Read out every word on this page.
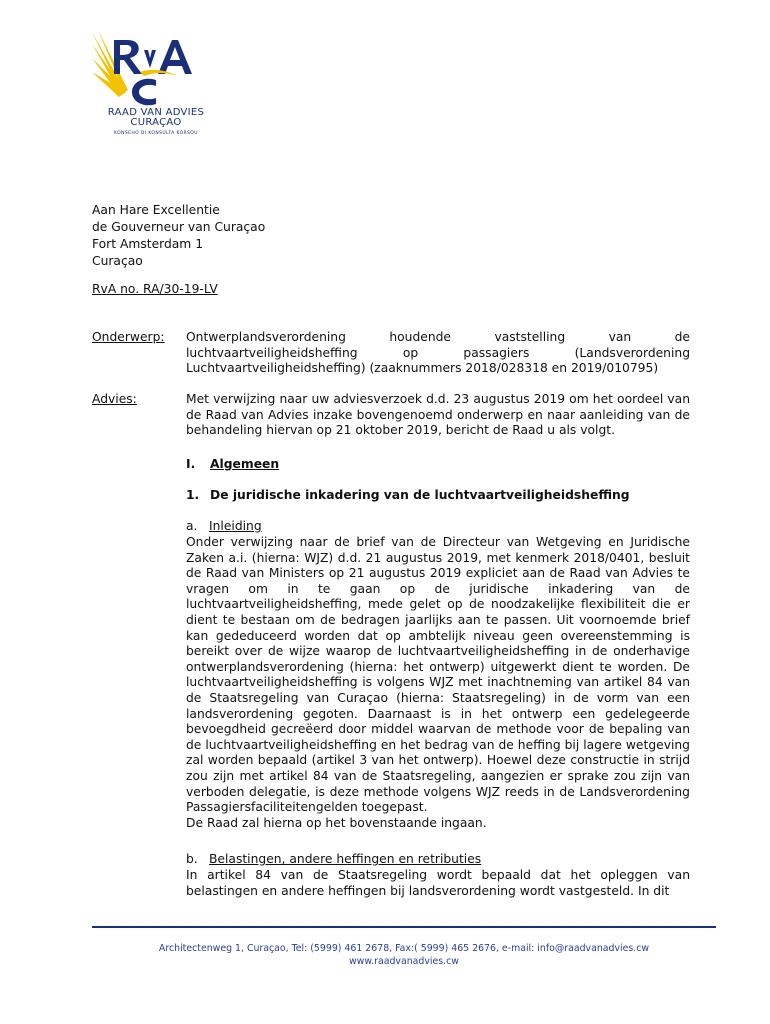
RAAD VAN ADVIES
CURAÇAO
KONSEHO DI KONSULTA KÒRSOU
Aan Hare Excellentie
de Gouverneur van Curaçao
Fort Amsterdam 1
Curaçao
RvA no. RA/30-19-LV
Onderwerp: Ontwerplandsverordening houdende vaststelling van de
luchtvaartveiligheidsheffing op passagiers (Landsverordening
Luchtvaartveiligheidsheffing) (zaaknummers 2018/028318 en 2019/010795)
Advies:	Met verwijzing naar uw adviesverzoek d.d. 23 augustus 2019 om het oordeel van de Raad van Advies inzake bovengenoemd onderwerp en naar aanleiding van de behandeling hiervan op 21 oktober 2019, bericht de Raad u als volgt.
I. Algemeen
1. De juridische inkadering van de luchtvaartveiligheidsheffing
a. Inleiding
Onder verwijzing naar de brief van de Directeur van Wetgeving en Juridische Zaken a.i. (hierna: WJZ) d.d. 21 augustus 2019, met kenmerk 2018/0401, besluit de Raad van Ministers op 21 augustus 2019 expliciet aan de Raad van Advies te vragen om in te gaan op de juridische inkadering van de luchtvaartveiligheidsheffing, mede gelet op de noodzakelijke flexibiliteit die er dient te bestaan om de bedragen jaarlijks aan te passen. Uit voornoemde brief kan gededuceerd worden dat op ambtelijk niveau geen overeenstemming is bereikt over de wijze waarop de luchtvaartveiligheidsheffing in de onderhavige ontwerplandsverordening (hierna: het ontwerp) uitgewerkt dient te worden. De luchtvaartveiligheidsheffing is volgens WJZ met inachtneming van artikel 84 van de Staatsregeling van Curaçao (hierna: Staatsregeling) in de vorm van een landsverordening gegoten. Daarnaast is in het ontwerp een gedelegeerde bevoegdheid gecreëerd door middel waarvan de methode voor de bepaling van de luchtvaartveiligheidsheffing en het bedrag van de heffing bij lagere wetgeving zal worden bepaald (artikel 3 van het ontwerp). Hoewel deze constructie in strijd zou zijn met artikel 84 van de Staatsregeling, aangezien er sprake zou zijn van verboden delegatie, is deze methode volgens WJZ reeds in de Landsverordening Passagiersfaciliteitengelden toegepast.
De Raad zal hierna op het bovenstaande ingaan.
b. Belastingen, andere heffingen en retributies
In artikel 84 van de Staatsregeling wordt bepaald dat het opleggen van belastingen en andere heffingen bij landsverordening wordt vastgesteld. In dit
Architectenweg 1, Curaçao, Tel: (5999) 461 2678, Fax:( 5999) 465 2676, e-mail: info@raadvanadvies.cw
www.raadvanadvies.cw
